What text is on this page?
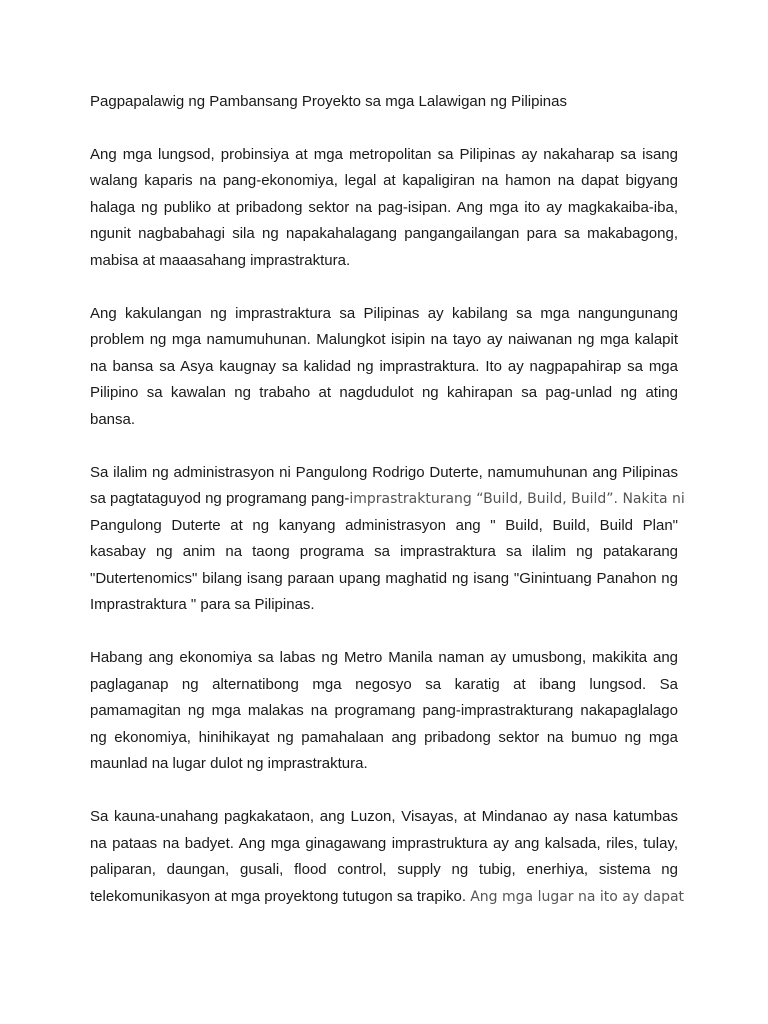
Pagpapalawig ng Pambansang Proyekto sa mga Lalawigan ng Pilipinas
Ang mga lungsod, probinsiya at mga metropolitan sa Pilipinas ay nakaharap sa isang
walang kaparis na pang-ekonomiya, legal at kapaligiran na hamon na dapat bigyang
halaga ng publiko at pribadong sektor na pag-isipan. Ang mga ito ay magkakaiba-iba,
ngunit nagbabahagi sila ng napakahalagang pangangailangan para sa makabagong,
mabisa at maaasahang imprastraktura.
Ang kakulangan ng imprastraktura sa Pilipinas ay kabilang sa mga nangungunang
problem ng mga namumuhunan. Malungkot isipin na tayo ay naiwanan ng mga kalapit
na bansa sa Asya kaugnay sa kalidad ng imprastraktura. Ito ay nagpapahirap sa mga
Pilipino sa kawalan ng trabaho at nagdudulot ng kahirapan sa pag-unlad ng ating
bansa.
Sa ilalim ng administrasyon ni Pangulong Rodrigo Duterte, namumuhunan ang Pilipinas
sa pagtataguyod ng programang pang-imprastrakturang “Build, Build, Build”. Nakita ni
Pangulong Duterte at ng kanyang administrasyon ang " Build, Build, Build Plan"
kasabay ng anim na taong programa sa imprastraktura sa ilalim ng patakarang
"Dutertenomics" bilang isang paraan upang maghatid ng isang "Ginintuang Panahon ng
Imprastraktura " para sa Pilipinas.
Habang ang ekonomiya sa labas ng Metro Manila naman ay umusbong, makikita ang
paglaganap ng alternatibong mga negosyo sa karatig at ibang lungsod. Sa
pamamagitan ng mga malakas na programang pang-imprastrakturang nakapaglalago
ng ekonomiya, hinihikayat ng pamahalaan ang pribadong sektor na bumuo ng mga
maunlad na lugar dulot ng imprastraktura.
Sa kauna-unahang pagkakataon, ang Luzon, Visayas, at Mindanao ay nasa katumbas
na pataas na badyet. Ang mga ginagawang imprastruktura ay ang kalsada, riles, tulay,
paliparan, daungan, gusali, flood control, supply ng tubig, enerhiya, sistema ng
telekomunikasyon at mga proyektong tutugon sa trapiko. Ang mga lugar na ito ay dapat
